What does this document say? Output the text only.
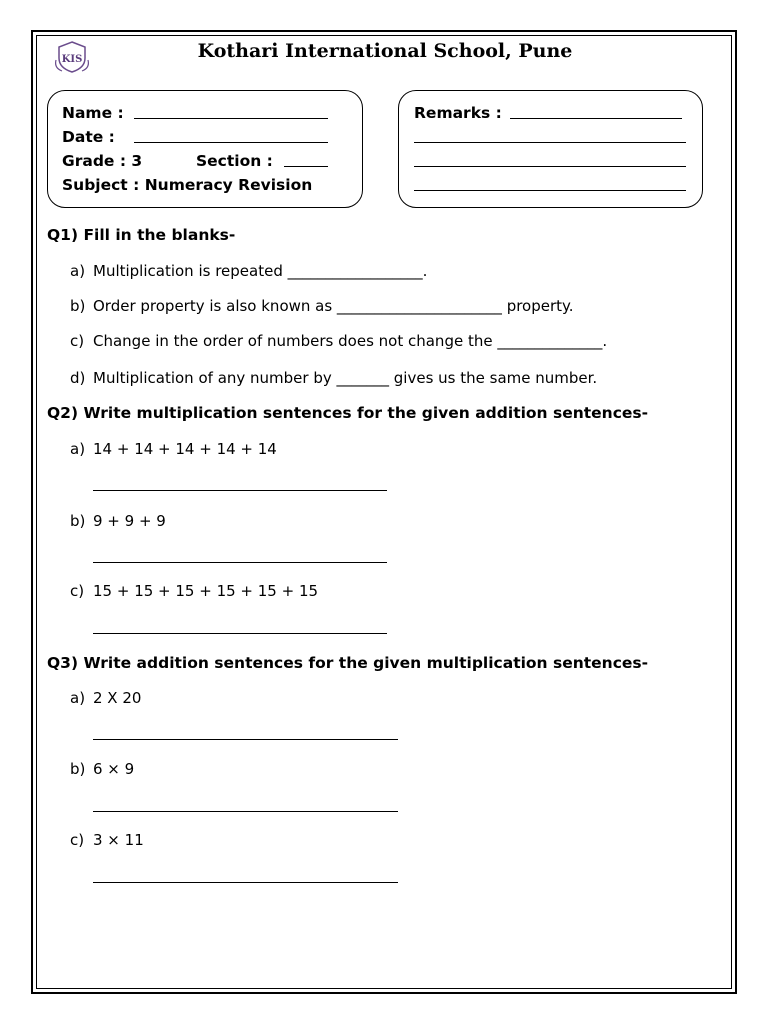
KIS	Kothari International School, Pune
Name :
Date :
Grade : 3	Section :
Subject : Numeracy Revision
Remarks :
Q1) Fill in the blanks-
a) Multiplication is repeated __________________.
b) Order property is also known as ______________________ property.
c) Change in the order of numbers does not change the ______________.
d) Multiplication of any number by _______ gives us the same number.
Q2) Write multiplication sentences for the given addition sentences-
a) 14 + 14 + 14 + 14 + 14
b) 9 + 9 + 9
c) 15 + 15 + 15 + 15 + 15 + 15
Q3) Write addition sentences for the given multiplication sentences-
a) 2 X 20
b) 6 × 9
c) 3 × 11
